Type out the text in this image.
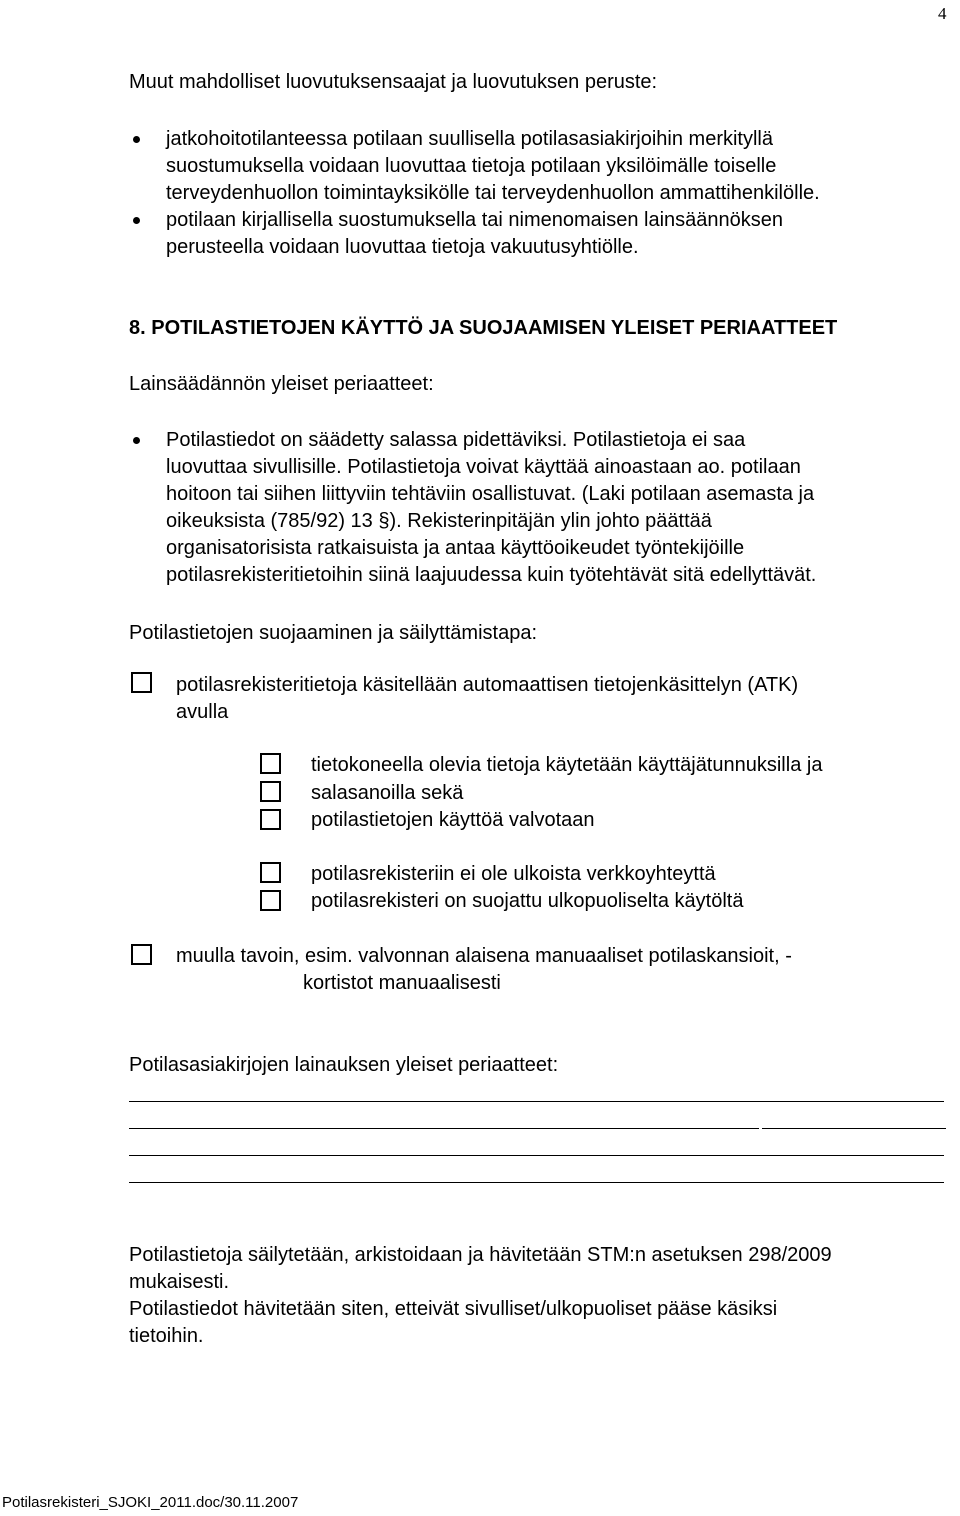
4
Muut mahdolliset luovutuksensaajat ja luovutuksen peruste:
jatkohoitotilanteessa potilaan suullisella potilasasiakirjoihin merkityllä
suostumuksella voidaan luovuttaa tietoja potilaan yksilöimälle toiselle
terveydenhuollon toimintayksikölle tai terveydenhuollon ammattihenkilölle.
potilaan kirjallisella suostumuksella tai nimenomaisen lainsäännöksen
perusteella voidaan luovuttaa tietoja vakuutusyhtiölle.
8. POTILASTIETOJEN KÄYTTÖ JA SUOJAAMISEN YLEISET PERIAATTEET
Lainsäädännön yleiset periaatteet:
Potilastiedot on säädetty salassa pidettäviksi. Potilastietoja ei saa
luovuttaa sivullisille. Potilastietoja voivat käyttää ainoastaan ao. potilaan
hoitoon tai siihen liittyviin tehtäviin osallistuvat. (Laki potilaan asemasta ja
oikeuksista (785/92) 13 §). Rekisterinpitäjän ylin johto päättää
organisatorisista ratkaisuista ja antaa käyttöoikeudet työntekijöille
potilasrekisteritietoihin siinä laajuudessa kuin työtehtävät sitä edellyttävät.
Potilastietojen suojaaminen ja säilyttämistapa:
potilasrekisteritietoja käsitellään automaattisen tietojenkäsittelyn (ATK)
avulla
tietokoneella olevia tietoja käytetään käyttäjätunnuksilla ja
salasanoilla sekä
potilastietojen käyttöä valvotaan
potilasrekisteriin ei ole ulkoista verkkoyhteyttä
potilasrekisteri on suojattu ulkopuoliselta käytöltä
muulla tavoin, esim. valvonnan alaisena manuaaliset potilaskansioit, -
kortistot manuaalisesti
Potilasasiakirjojen lainauksen yleiset periaatteet:
Potilastietoja säilytetään, arkistoidaan ja hävitetään STM:n asetuksen 298/2009
mukaisesti.
Potilastiedot hävitetään siten, etteivät sivulliset/ulkopuoliset pääse käsiksi
tietoihin.
Potilasrekisteri_SJOKI_2011.doc/30.11.2007
